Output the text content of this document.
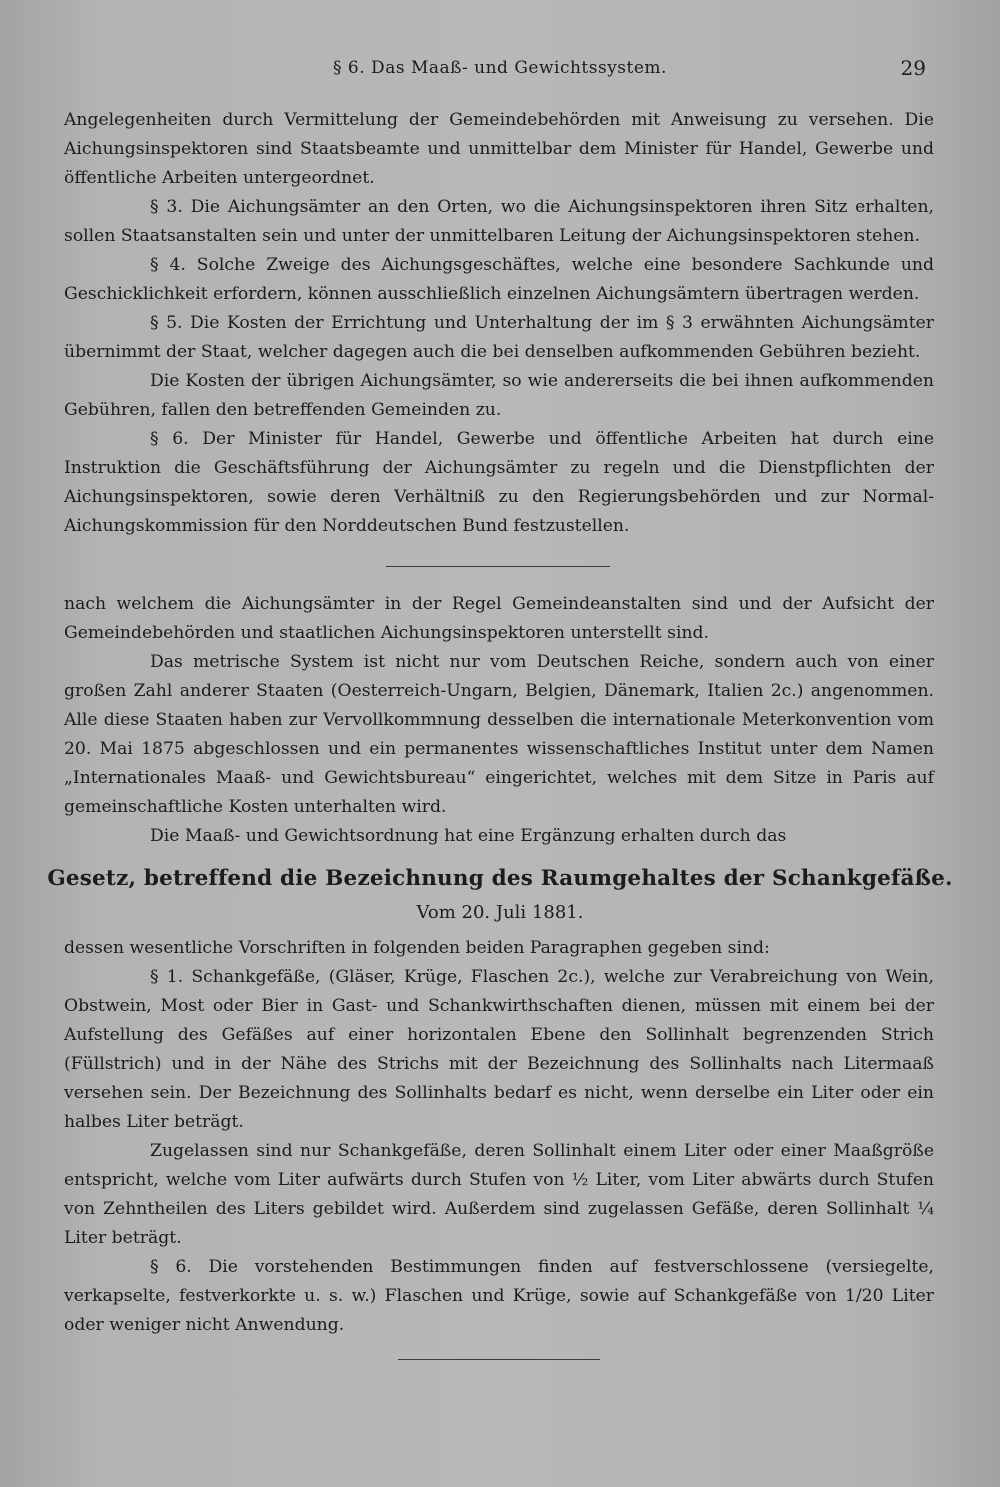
§ 6. Das Maaß- und Gewichtssystem.	29

Angelegenheiten durch Vermittelung der Gemeindebehörden mit Anweisung zu versehen. Die Aichungsinspektoren sind Staatsbeamte und unmittelbar dem Minister für Handel, Gewerbe und öffentliche Arbeiten untergeordnet.

§ 3. Die Aichungsämter an den Orten, wo die Aichungsinspektoren ihren Sitz erhalten, sollen Staatsanstalten sein und unter der unmittelbaren Leitung der Aichungsinspektoren stehen.

§ 4. Solche Zweige des Aichungsgeschäftes, welche eine besondere Sachkunde und Geschicklichkeit erfordern, können ausschließlich einzelnen Aichungsämtern übertragen werden.

§ 5. Die Kosten der Errichtung und Unterhaltung der im § 3 erwähnten Aichungsämter übernimmt der Staat, welcher dagegen auch die bei denselben aufkommenden Gebühren bezieht.

Die Kosten der übrigen Aichungsämter, so wie andererseits die bei ihnen aufkommenden Gebühren, fallen den betreffenden Gemeinden zu.

§ 6. Der Minister für Handel, Gewerbe und öffentliche Arbeiten hat durch eine Instruktion die Geschäftsführung der Aichungsämter zu regeln und die Dienstpflichten der Aichungsinspektoren, sowie deren Verhältniß zu den Regierungsbehörden und zur Normal-Aichungskommission für den Norddeutschen Bund festzustellen.

nach welchem die Aichungsämter in der Regel Gemeindeanstalten sind und der Aufsicht der Gemeindebehörden und staatlichen Aichungsinspektoren unterstellt sind.

Das metrische System ist nicht nur vom Deutschen Reiche, sondern auch von einer großen Zahl anderer Staaten (Oesterreich-Ungarn, Belgien, Dänemark, Italien 2c.) angenommen. Alle diese Staaten haben zur Vervollkommnung desselben die internationale Meterkonvention vom 20. Mai 1875 abgeschlossen und ein permanentes wissenschaftliches Institut unter dem Namen „Internationales Maaß- und Gewichtsbureau“ eingerichtet, welches mit dem Sitze in Paris auf gemeinschaftliche Kosten unterhalten wird.

Die Maaß- und Gewichtsordnung hat eine Ergänzung erhalten durch das

Gesetz, betreffend die Bezeichnung des Raumgehaltes der Schankgefäße.
Vom 20. Juli 1881.

dessen wesentliche Vorschriften in folgenden beiden Paragraphen gegeben sind:

§ 1. Schankgefäße, (Gläser, Krüge, Flaschen 2c.), welche zur Verabreichung von Wein, Obstwein, Most oder Bier in Gast- und Schankwirthschaften dienen, müssen mit einem bei der Aufstellung des Gefäßes auf einer horizontalen Ebene den Sollinhalt begrenzenden Strich (Füllstrich) und in der Nähe des Strichs mit der Bezeichnung des Sollinhalts nach Litermaaß versehen sein. Der Bezeichnung des Sollinhalts bedarf es nicht, wenn derselbe ein Liter oder ein halbes Liter beträgt.

Zugelassen sind nur Schankgefäße, deren Sollinhalt einem Liter oder einer Maaßgröße entspricht, welche vom Liter aufwärts durch Stufen von ½ Liter, vom Liter abwärts durch Stufen von Zehntheilen des Liters gebildet wird. Außerdem sind zugelassen Gefäße, deren Sollinhalt ¼ Liter beträgt.

§ 6. Die vorstehenden Bestimmungen finden auf festverschlossene (versiegelte, verkapselte, festverkorkte u. s. w.) Flaschen und Krüge, sowie auf Schankgefäße von 1/20 Liter oder weniger nicht Anwendung.
